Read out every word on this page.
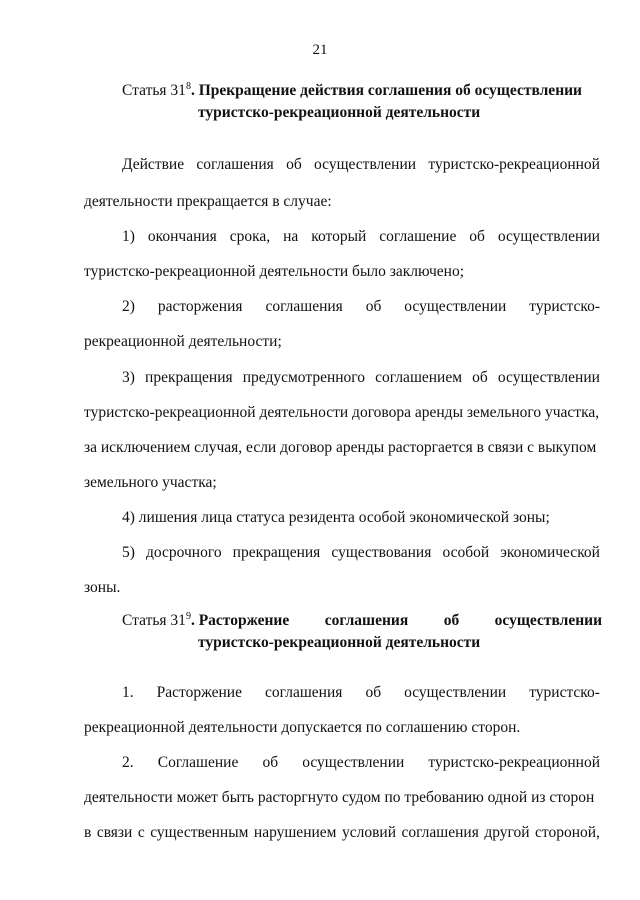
21
Статья $31^8$. Прекращение действия соглашения об осуществлении
туристско-рекреационной деятельности
Действие соглашения об осуществлении туристско-рекреационной
деятельности прекращается в случае:
1) окончания срока, на который соглашение об осуществлении
туристско-рекреационной деятельности было заключено;
2) расторжения соглашения об осуществлении туристско-
рекреационной деятельности;
3) прекращения предусмотренного соглашением об осуществлении
туристско-рекреационной деятельности договора аренды земельного участка,
за исключением случая, если договор аренды расторгается в связи с выкупом
земельного участка;
4) лишения лица статуса резидента особой экономической зоны;
5) досрочного прекращения существования особой экономической
зоны.
Статья $31^9$. Расторжение соглашения об осуществлении
туристско-рекреационной деятельности
1. Расторжение соглашения об осуществлении туристско-
рекреационной деятельности допускается по соглашению сторон.
2. Соглашение об осуществлении туристско-рекреационной
деятельности может быть расторгнуто судом по требованию одной из сторон
в связи с существенным нарушением условий соглашения другой стороной,
